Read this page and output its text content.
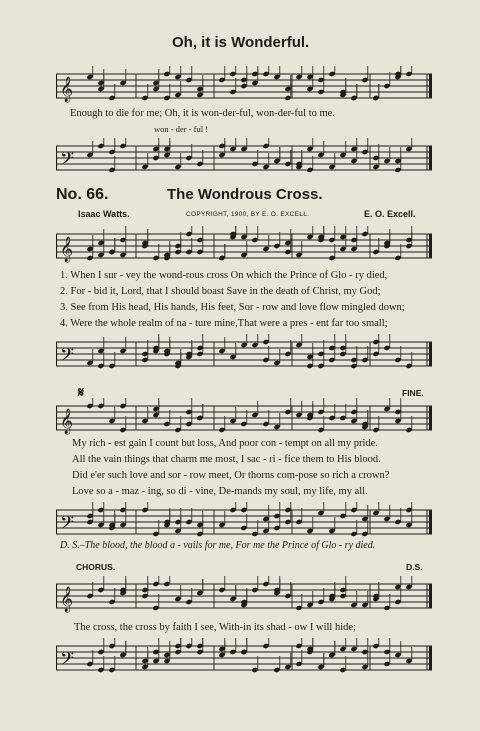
Oh, it is Wonderful.
𝄞
Enough to die for me; Oh, it is won-der-ful, won-der-ful to me.
won - der - ful !
𝄢
No. 66.	The Wondrous Cross.
Isaac Watts.	COPYRIGHT, 1900, BY E. O. EXCELL.	E. O. Excell.
𝄞
1. When I sur - vey the wond-rous cross On which the Prince of Glo - ry died,
2. For - bid it, Lord, that I should boast Save in the death of Christ, my God;
3. See from His head, His hands, His feet, Sor - row and love flow mingled down;
4. Were the whole realm of na - ture mine,That were a pres - ent far too small;
𝄢
𝄋	FINE.
𝄞
My rich - est gain I count but loss, And poor con - tempt on all my pride.
All the vain things that charm me most, I sac - ri - fice them to His blood.
Did e'er such love and sor - row meet, Or thorns com-pose so rich a crown?
Love so a - maz - ing, so di - vine, De-mands my soul, my life, my all.
𝄢
D. S.–The blood, the blood a - vails for me, For me the Prince of Glo - ry died.
CHORUS.	D.S.
𝄞
The cross, the cross by faith I see, With-in its shad - ow I will hide;
𝄢
